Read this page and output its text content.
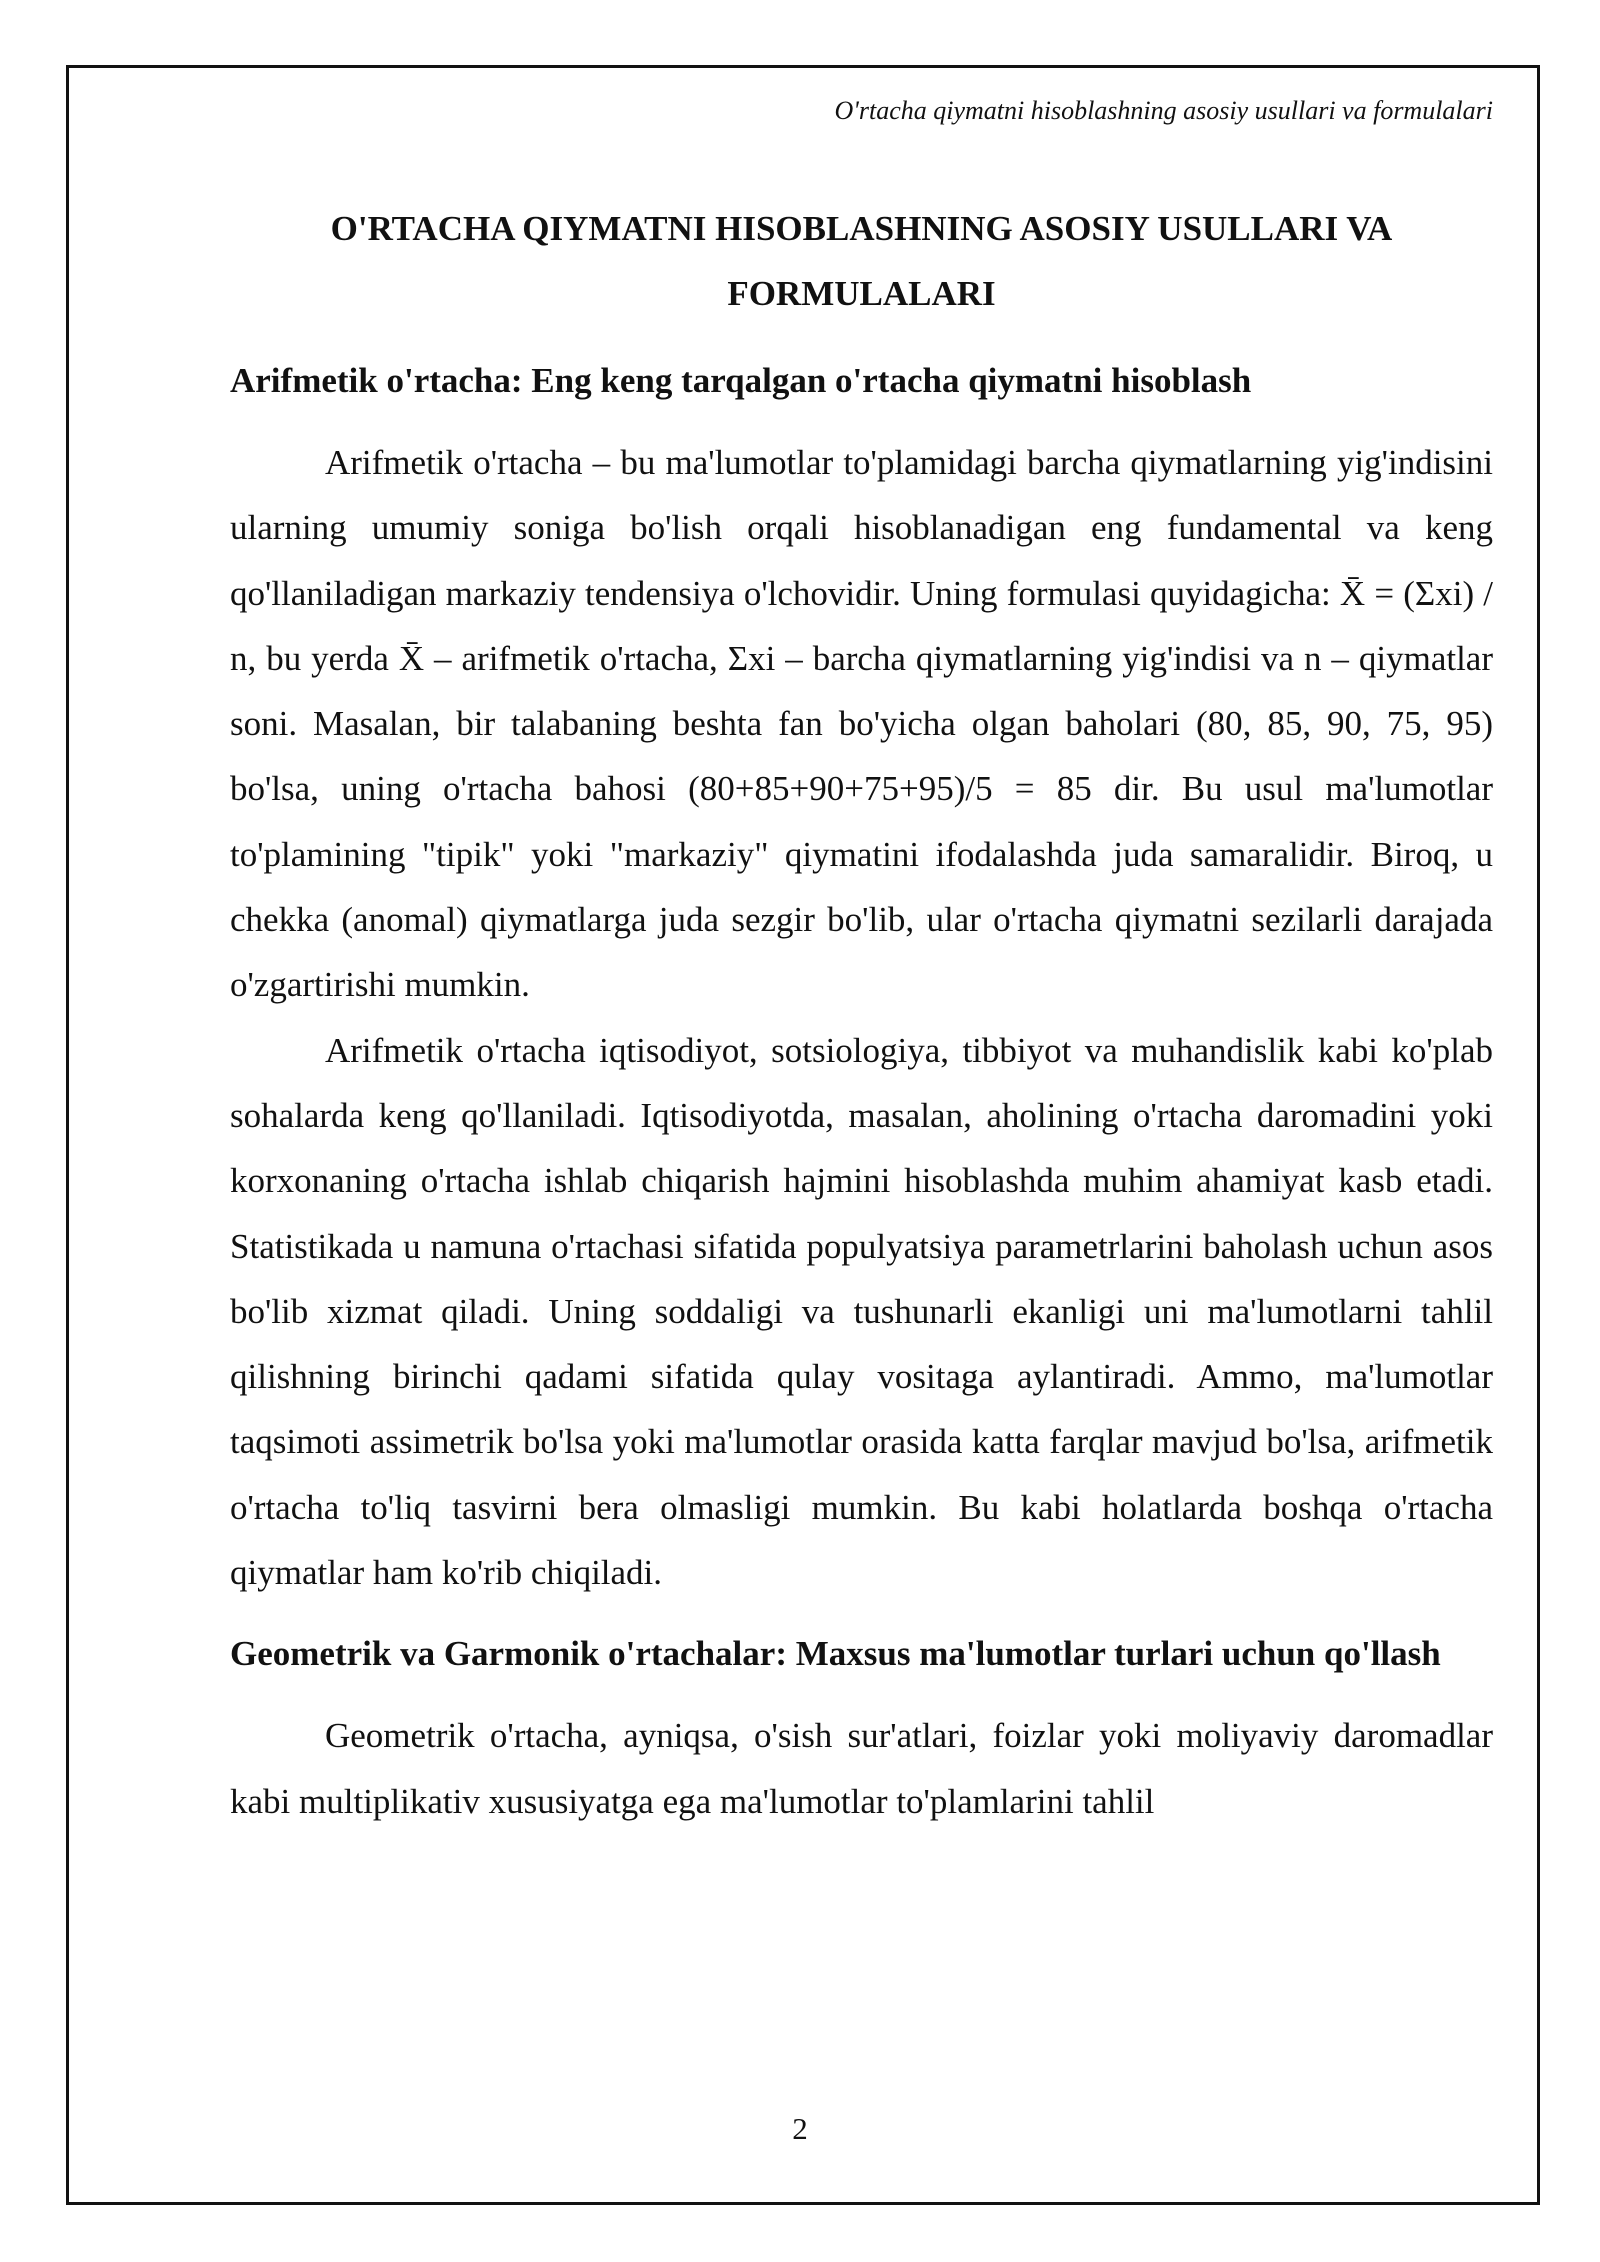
O'rtacha qiymatni hisoblashning asosiy usullari va formulalari

O'RTACHA QIYMATNI HISOBLASHNING ASOSIY USULLARI VA FORMULALARI
Arifmetik o'rtacha: Eng keng tarqalgan o'rtacha qiymatni hisoblash

Arifmetik o'rtacha – bu ma'lumotlar to'plamidagi barcha qiymatlarning yig'indisini ularning umumiy soniga bo'lish orqali hisoblanadigan eng fundamental va keng qo'llaniladigan markaziy tendensiya o'lchovidir. Uning formulasi quyidagicha: X̄ = (Σxi) / n, bu yerda X̄ – arifmetik o'rtacha, Σxi – barcha qiymatlarning yig'indisi va n – qiymatlar soni. Masalan, bir talabaning beshta fan bo'yicha olgan baholari (80, 85, 90, 75, 95) bo'lsa, uning o'rtacha bahosi (80+85+90+75+95)/5 = 85 dir. Bu usul ma'lumotlar to'plamining "tipik" yoki "markaziy" qiymatini ifodalashda juda samaralidir. Biroq, u chekka (anomal) qiymatlarga juda sezgir bo'lib, ular o'rtacha qiymatni sezilarli darajada o'zgartirishi mumkin.

Arifmetik o'rtacha iqtisodiyot, sotsiologiya, tibbiyot va muhandislik kabi ko'plab sohalarda keng qo'llaniladi. Iqtisodiyotda, masalan, aholining o'rtacha daromadini yoki korxonaning o'rtacha ishlab chiqarish hajmini hisoblashda muhim ahamiyat kasb etadi. Statistikada u namuna o'rtachasi sifatida populyatsiya parametrlarini baholash uchun asos bo'lib xizmat qiladi. Uning soddaligi va tushunarli ekanligi uni ma'lumotlarni tahlil qilishning birinchi qadami sifatida qulay vositaga aylantiradi. Ammo, ma'lumotlar taqsimoti assimetrik bo'lsa yoki ma'lumotlar orasida katta farqlar mavjud bo'lsa, arifmetik o'rtacha to'liq tasvirni bera olmasligi mumkin. Bu kabi holatlarda boshqa o'rtacha qiymatlar ham ko'rib chiqiladi.

Geometrik va Garmonik o'rtachalar: Maxsus ma'lumotlar turlari uchun qo'llash

Geometrik o'rtacha, ayniqsa, o'sish sur'atlari, foizlar yoki moliyaviy daromadlar kabi multiplikativ xususiyatga ega ma'lumotlar to'plamlarini tahlil

2
